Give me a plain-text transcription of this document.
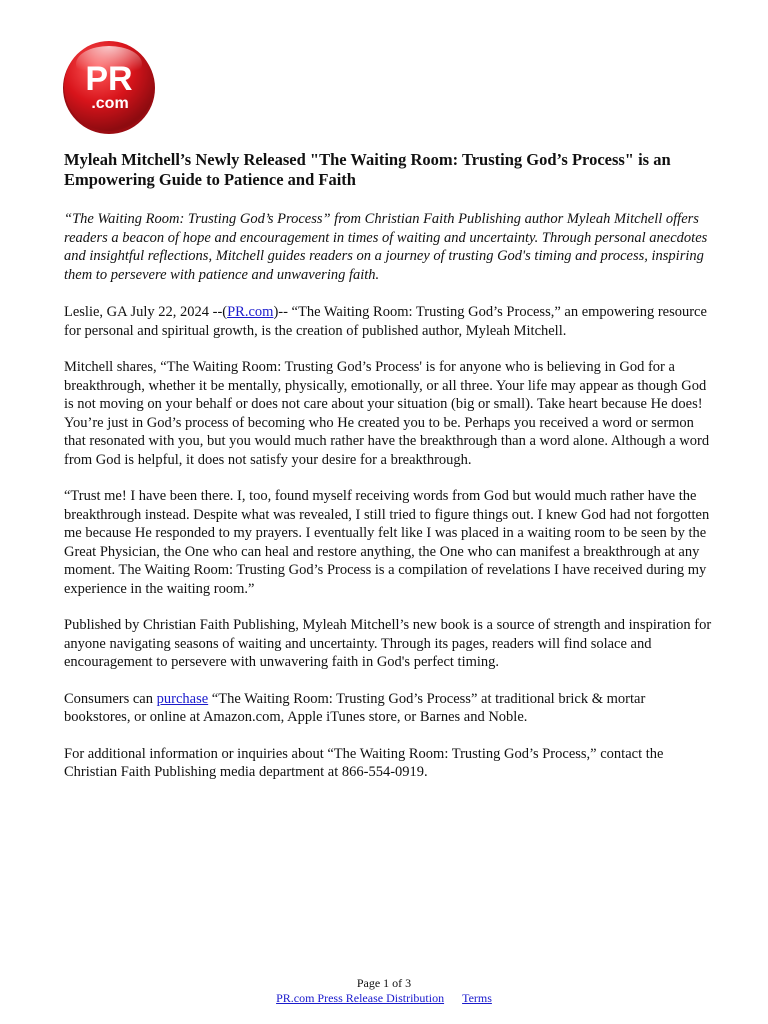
PR
.com
Myleah Mitchell’s Newly Released "The Waiting Room: Trusting God’s Process" is an Empowering Guide to Patience and Faith

“The Waiting Room: Trusting God’s Process” from Christian Faith Publishing author Myleah Mitchell offers readers a beacon of hope and encouragement in times of waiting and uncertainty. Through personal anecdotes and insightful reflections, Mitchell guides readers on a journey of trusting God's timing and process, inspiring them to persevere with patience and unwavering faith.

Leslie, GA July 22, 2024 --(PR.com)-- “The Waiting Room: Trusting God’s Process,” an empowering resource for personal and spiritual growth, is the creation of published author, Myleah Mitchell.

Mitchell shares, “The Waiting Room: Trusting God’s Process' is for anyone who is believing in God for a breakthrough, whether it be mentally, physically, emotionally, or all three. Your life may appear as though God is not moving on your behalf or does not care about your situation (big or small). Take heart because He does! You’re just in God’s process of becoming who He created you to be. Perhaps you received a word or sermon that resonated with you, but you would much rather have the breakthrough than a word alone. Although a word from God is helpful, it does not satisfy your desire for a breakthrough.

“Trust me! I have been there. I, too, found myself receiving words from God but would much rather have the breakthrough instead. Despite what was revealed, I still tried to figure things out. I knew God had not forgotten me because He responded to my prayers. I eventually felt like I was placed in a waiting room to be seen by the Great Physician, the One who can heal and restore anything, the One who can manifest a breakthrough at any moment. The Waiting Room: Trusting God’s Process is a compilation of revelations I have received during my experience in the waiting room.”

Published by Christian Faith Publishing, Myleah Mitchell’s new book is a source of strength and inspiration for anyone navigating seasons of waiting and uncertainty. Through its pages, readers will find solace and encouragement to persevere with unwavering faith in God's perfect timing.

Consumers can purchase “The Waiting Room: Trusting God’s Process” at traditional brick & mortar bookstores, or online at Amazon.com, Apple iTunes store, or Barnes and Noble.

For additional information or inquiries about “The Waiting Room: Trusting God’s Process,” contact the Christian Faith Publishing media department at 866-554-0919.

Page 1 of 3
PR.com Press Release Distribution Terms
